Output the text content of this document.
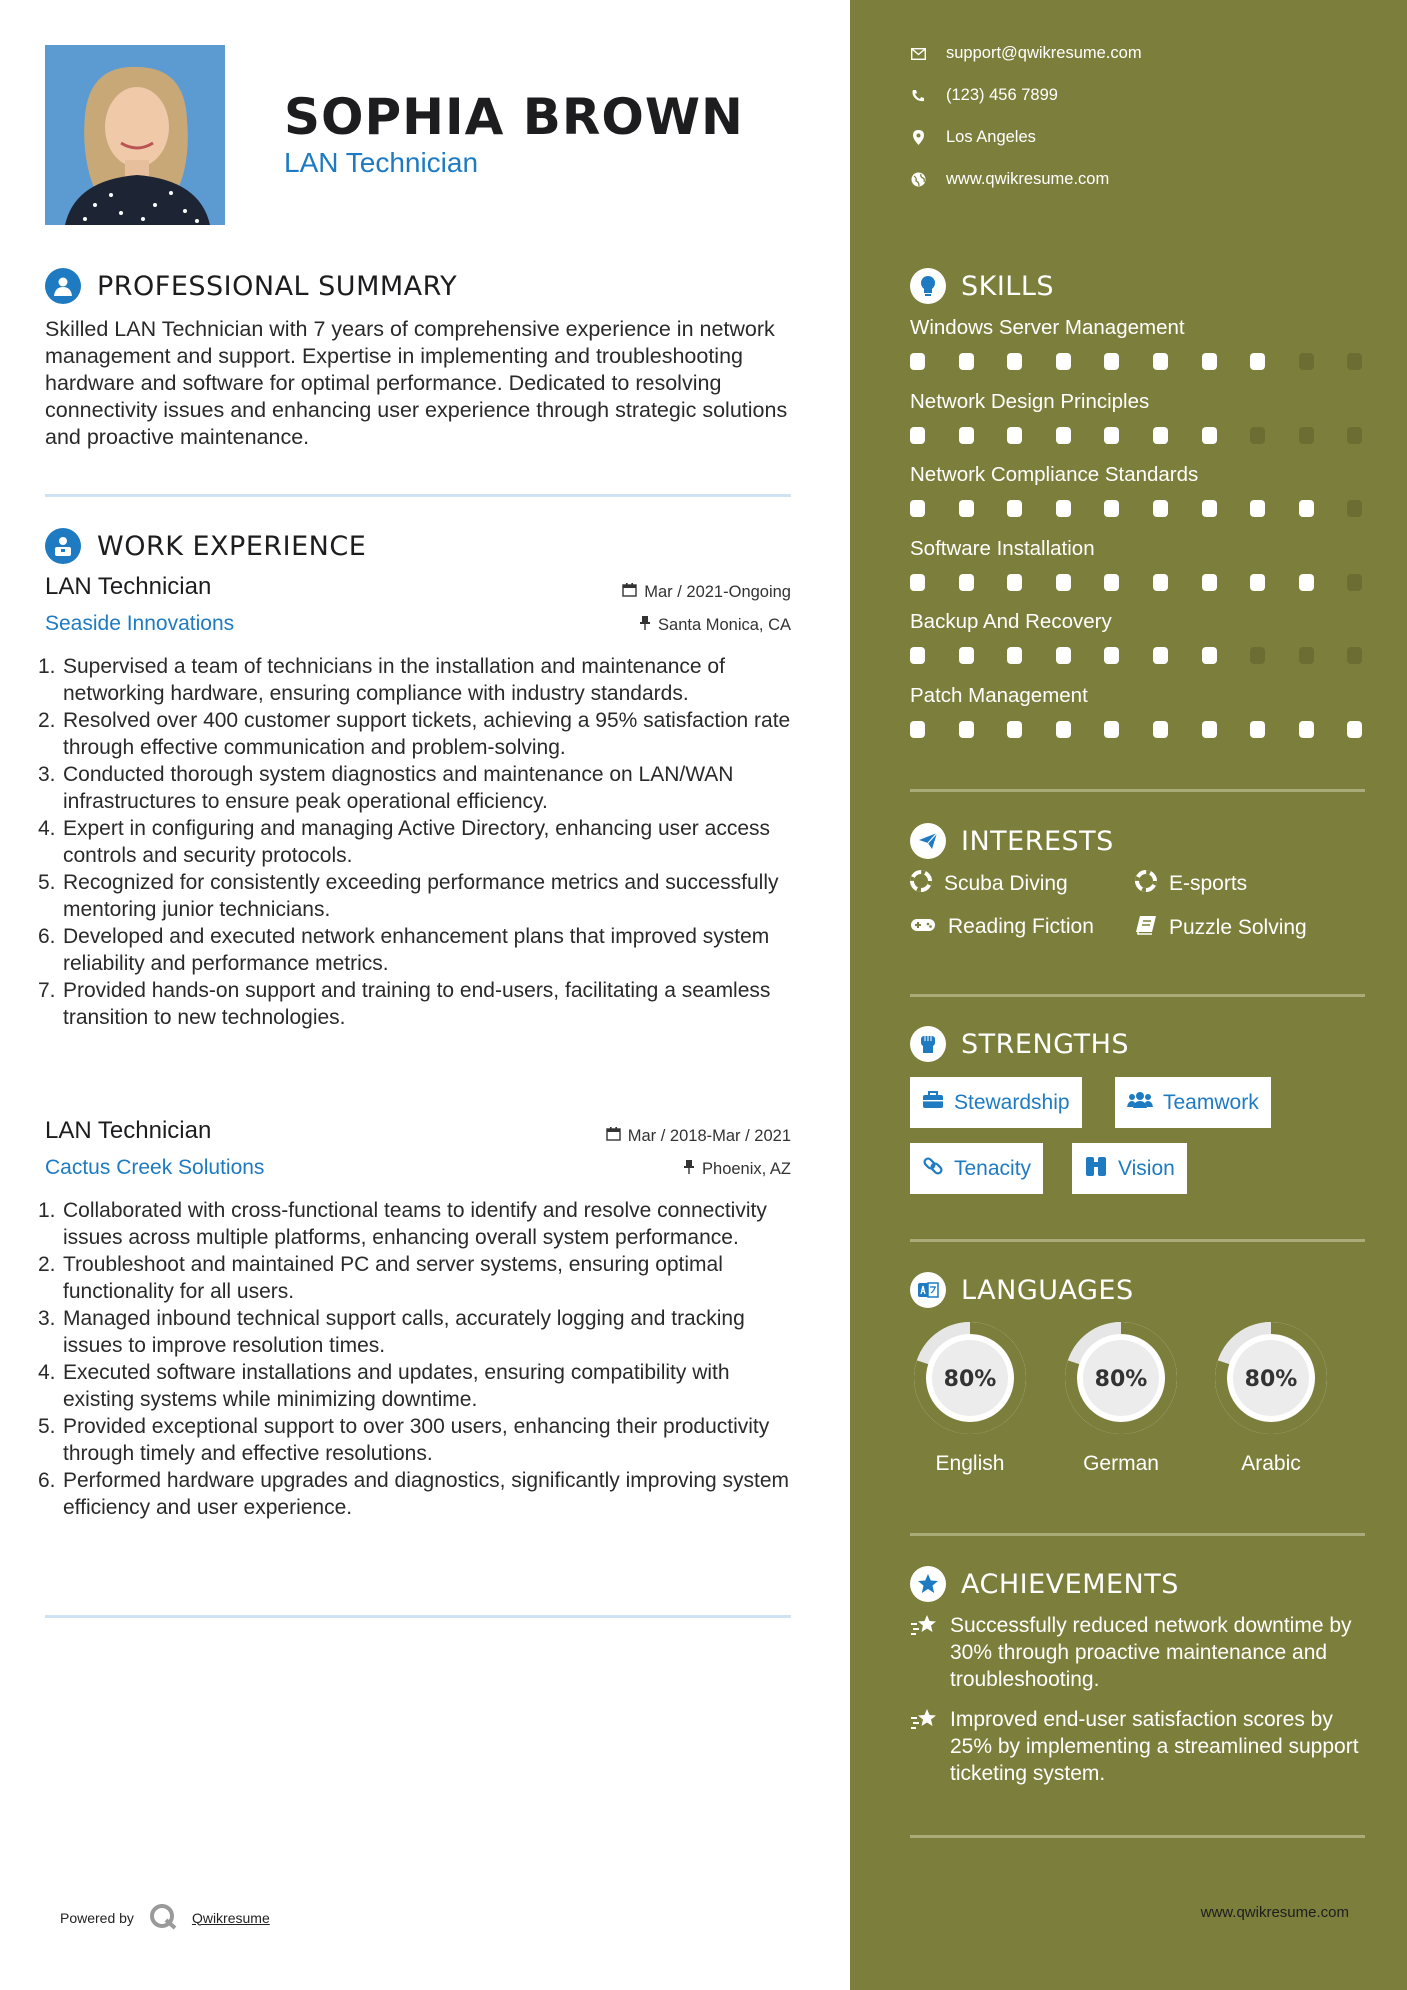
SOPHIA BROWN
LAN Technician
PROFESSIONAL SUMMARY
Skilled LAN Technician with 7 years of comprehensive experience in network management and support. Expertise in implementing and troubleshooting hardware and software for optimal performance. Dedicated to resolving connectivity issues and enhancing user experience through strategic solutions and proactive maintenance.
WORK EXPERIENCE
LAN Technician	Mar / 2021-Ongoing
Seaside Innovations	Santa Monica, CA
1. Supervised a team of technicians in the installation and maintenance of networking hardware, ensuring compliance with industry standards.
2. Resolved over 400 customer support tickets, achieving a 95% satisfaction rate through effective communication and problem-solving.
3. Conducted thorough system diagnostics and maintenance on LAN/WAN infrastructures to ensure peak operational efficiency.
4. Expert in configuring and managing Active Directory, enhancing user access controls and security protocols.
5. Recognized for consistently exceeding performance metrics and successfully mentoring junior technicians.
6. Developed and executed network enhancement plans that improved system reliability and performance metrics.
7. Provided hands-on support and training to end-users, facilitating a seamless transition to new technologies.
LAN Technician	Mar / 2018-Mar / 2021
Cactus Creek Solutions	Phoenix, AZ
1. Collaborated with cross-functional teams to identify and resolve connectivity issues across multiple platforms, enhancing overall system performance.
2. Troubleshoot and maintained PC and server systems, ensuring optimal functionality for all users.
3. Managed inbound technical support calls, accurately logging and tracking issues to improve resolution times.
4. Executed software installations and updates, ensuring compatibility with existing systems while minimizing downtime.
5. Provided exceptional support to over 300 users, enhancing their productivity through timely and effective resolutions.
6. Performed hardware upgrades and diagnostics, significantly improving system efficiency and user experience.
Powered by	Qwikresume
support@qwikresume.com
(123) 456 7899
Los Angeles
www.qwikresume.com
SKILLS
Windows Server Management
Network Design Principles
Network Compliance Standards
Software Installation
Backup And Recovery
Patch Management
INTERESTS
Scuba Diving	E-sports
Reading Fiction	Puzzle Solving
STRENGTHS
Stewardship	Teamwork
Tenacity	Vision
LANGUAGES
80%
English
80%
German
80%
Arabic
ACHIEVEMENTS
Successfully reduced network downtime by 30% through proactive maintenance and troubleshooting.
Improved end-user satisfaction scores by 25% by implementing a streamlined support ticketing system.
www.qwikresume.com
